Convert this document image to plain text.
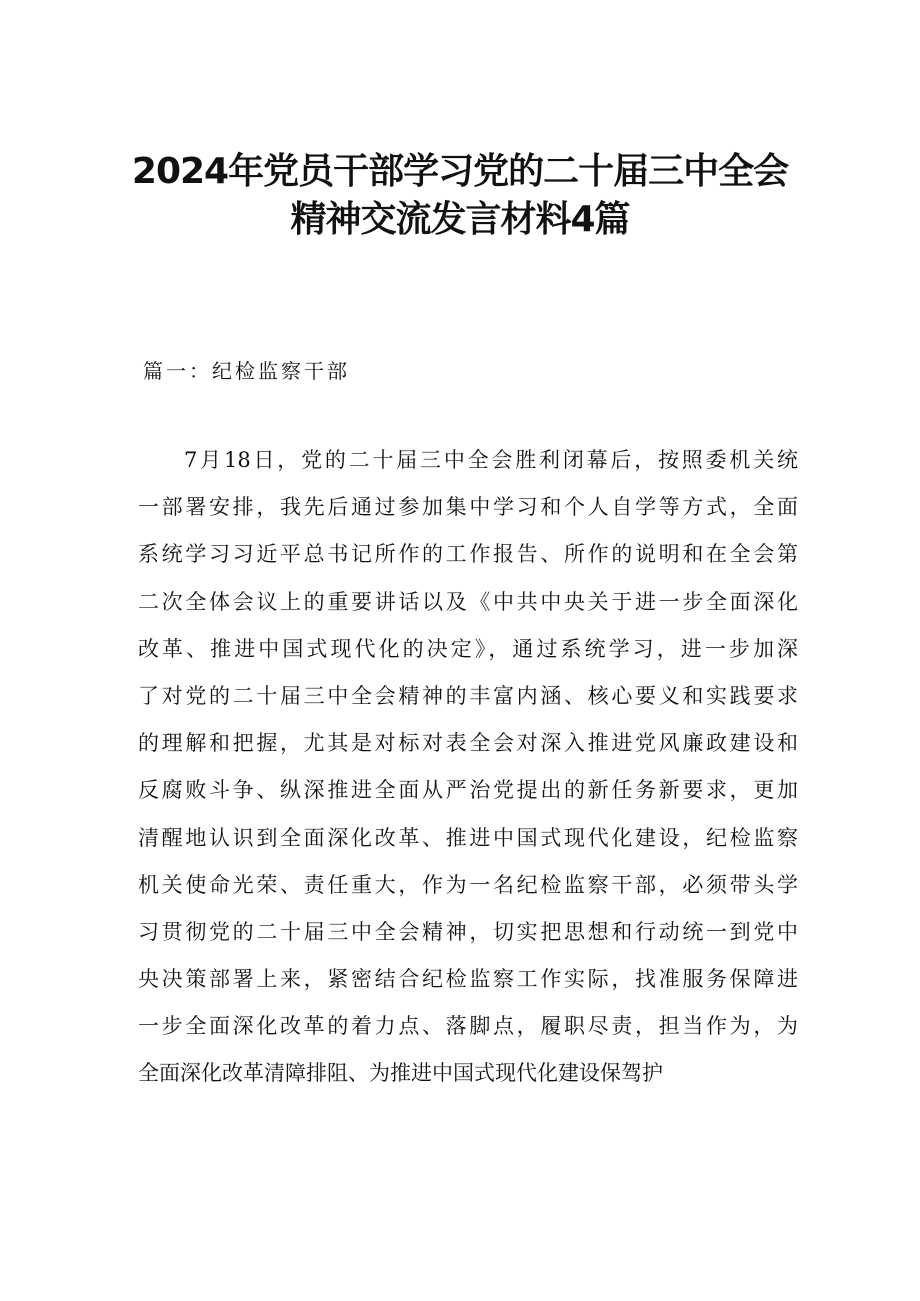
2024年党员干部学习党的二十届三中全会
精神交流发言材料4篇
篇一：纪检监察干部
7月18日，党的二十届三中全会胜利闭幕后，按照委机关统
一部署安排，我先后通过参加集中学习和个人自学等方式，全面
系统学习习近平总书记所作的工作报告、所作的说明和在全会第
二次全体会议上的重要讲话以及《中共中央关于进一步全面深化
改革、推进中国式现代化的决定》，通过系统学习，进一步加深
了对党的二十届三中全会精神的丰富内涵、核心要义和实践要求
的理解和把握，尤其是对标对表全会对深入推进党风廉政建设和
反腐败斗争、纵深推进全面从严治党提出的新任务新要求，更加
清醒地认识到全面深化改革、推进中国式现代化建设，纪检监察
机关使命光荣、责任重大，作为一名纪检监察干部，必须带头学
习贯彻党的二十届三中全会精神，切实把思想和行动统一到党中
央决策部署上来，紧密结合纪检监察工作实际，找准服务保障进
一步全面深化改革的着力点、落脚点，履职尽责，担当作为，为
全面深化改革清障排阻、为推进中国式现代化建设保驾护
